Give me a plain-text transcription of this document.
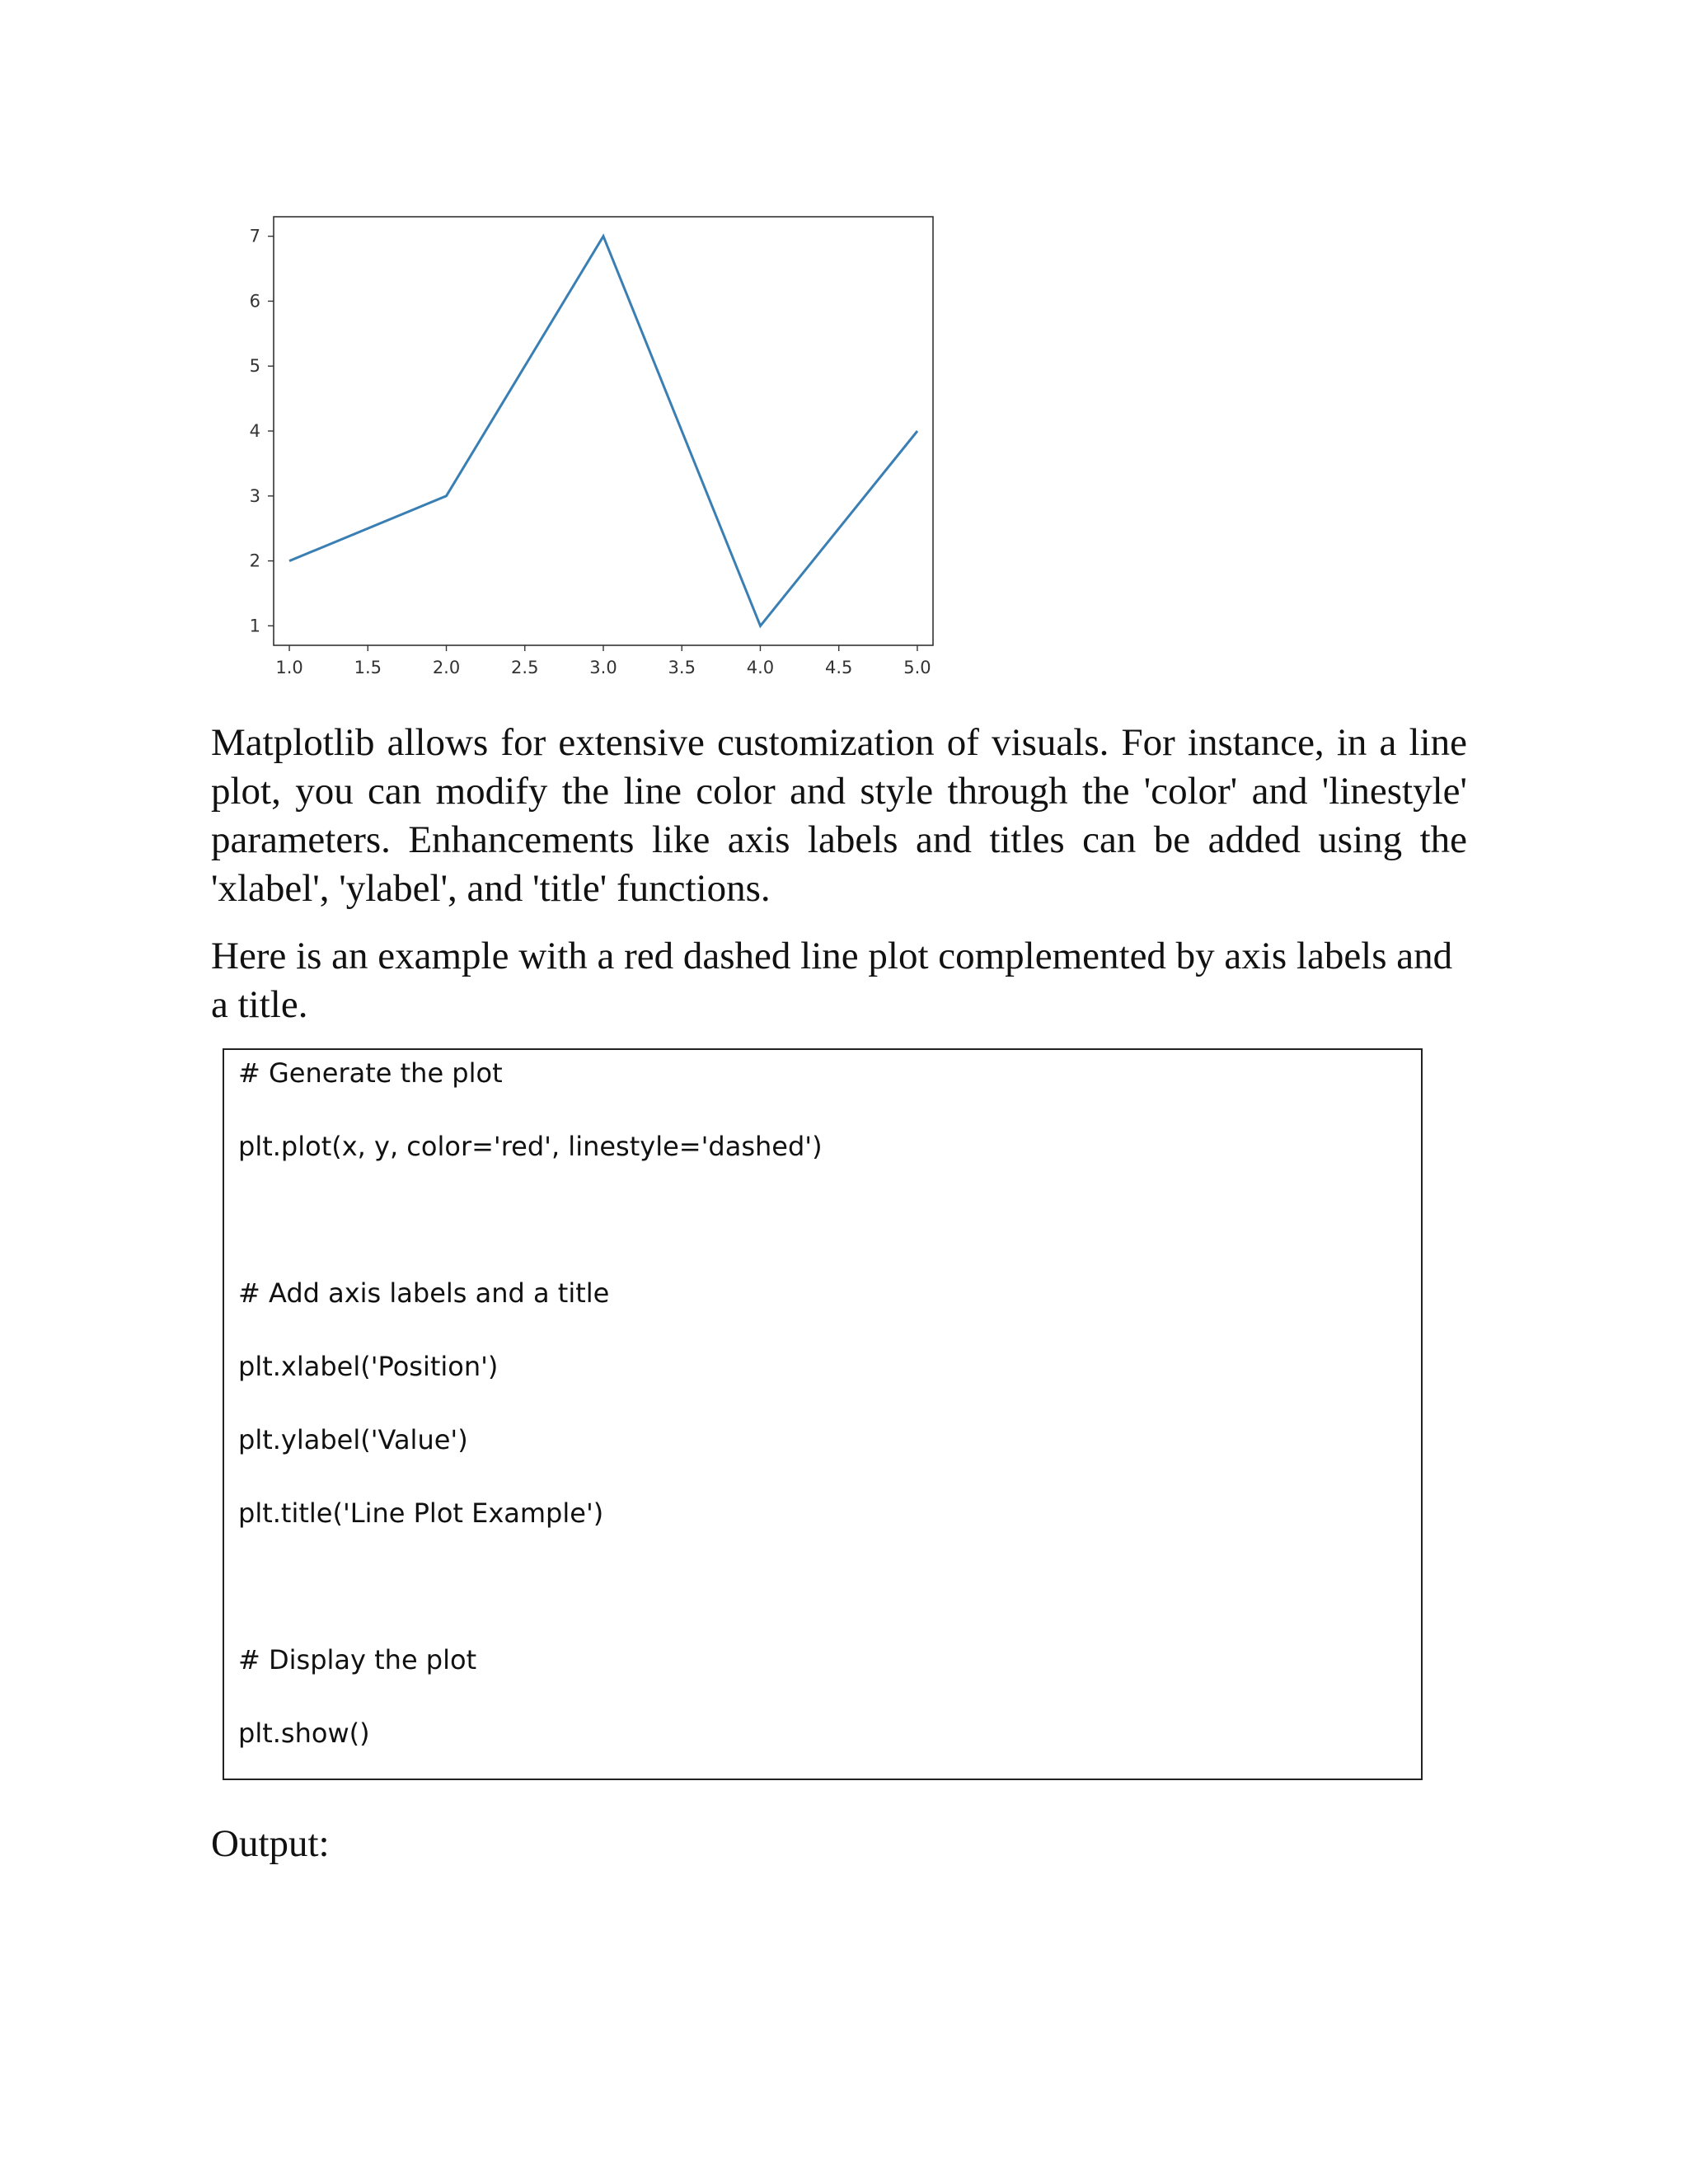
1.0	1.5	2.0	2.5	3.0	3.5	4.0	4.5	5.0
1
2
3
4
5
6
7

Matplotlib allows for extensive customization of visuals. For instance, in a line plot, you can modify the line color and style through the 'color' and 'linestyle' parameters. Enhancements like axis labels and titles can be added using the 'xlabel', 'ylabel', and 'title' functions.

Here is an example with a red dashed line plot complemented by axis labels and a title.

# Generate the plot

plt.plot(x, y, color='red', linestyle='dashed')

# Add axis labels and a title

plt.xlabel('Position')

plt.ylabel('Value')

plt.title('Line Plot Example')

# Display the plot

plt.show()

Output:
